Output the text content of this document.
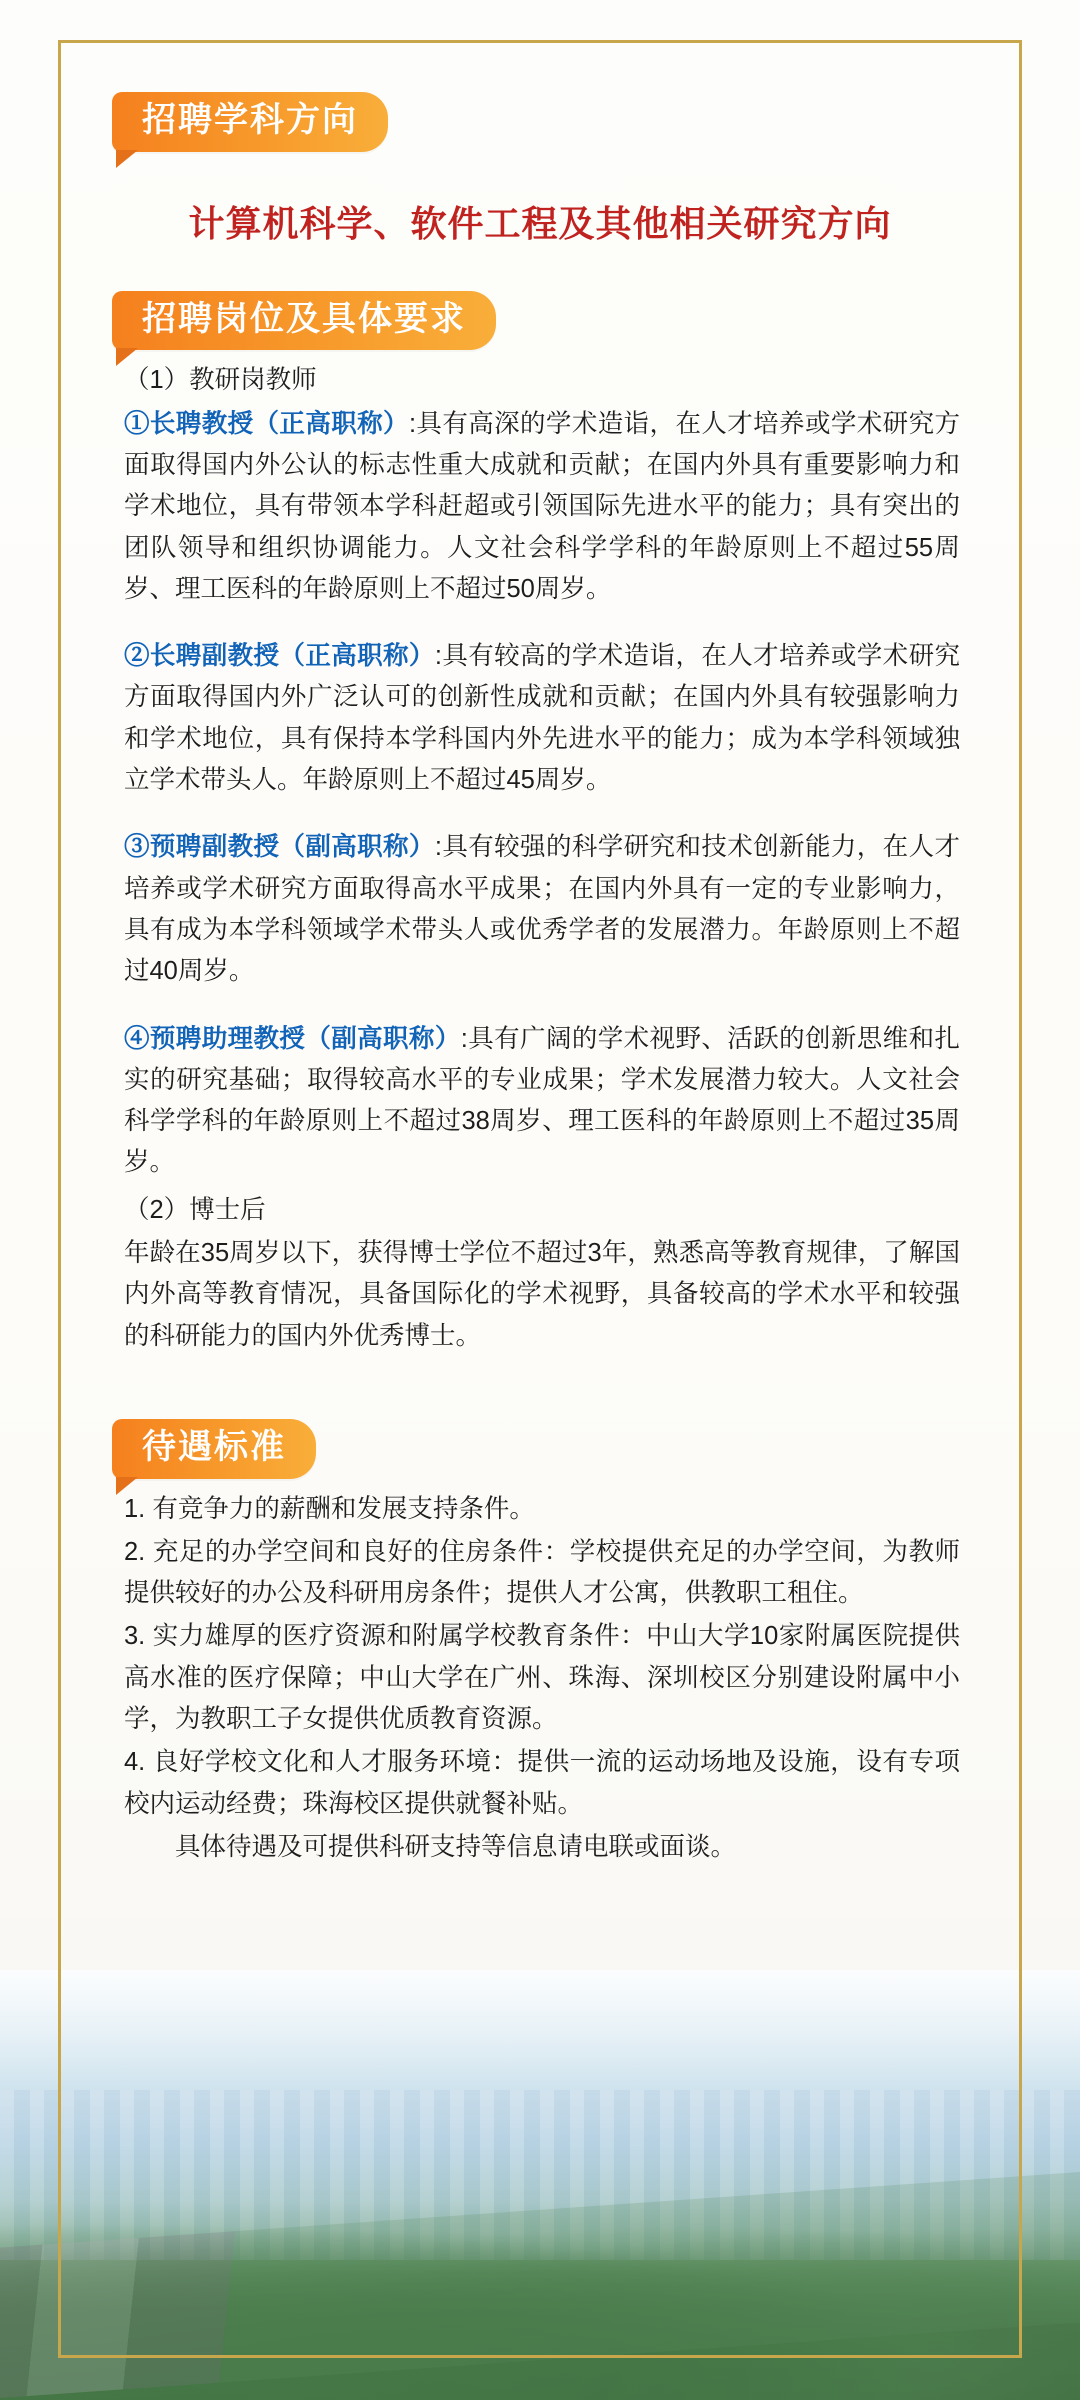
招聘学科方向
计算机科学、软件工程及其他相关研究方向
招聘岗位及具体要求

（1）教研岗教师

①长聘教授（正高职称）:具有高深的学术造诣，在人才培养或学术研究方面取得国内外公认的标志性重大成就和贡献；在国内外具有重要影响力和学术地位，具有带领本学科赶超或引领国际先进水平的能力；具有突出的团队领导和组织协调能力。人文社会科学学科的年龄原则上不超过55周岁、理工医科的年龄原则上不超过50周岁。

②长聘副教授（正高职称）:具有较高的学术造诣，在人才培养或学术研究方面取得国内外广泛认可的创新性成就和贡献；在国内外具有较强影响力和学术地位，具有保持本学科国内外先进水平的能力；成为本学科领域独立学术带头人。年龄原则上不超过45周岁。

③预聘副教授（副高职称）:具有较强的科学研究和技术创新能力，在人才培养或学术研究方面取得高水平成果；在国内外具有一定的专业影响力，具有成为本学科领域学术带头人或优秀学者的发展潜力。年龄原则上不超过40周岁。

④预聘助理教授（副高职称）:具有广阔的学术视野、活跃的创新思维和扎实的研究基础；取得较高水平的专业成果；学术发展潜力较大。人文社会科学学科的年龄原则上不超过38周岁、理工医科的年龄原则上不超过35周岁。

（2）博士后

年龄在35周岁以下，获得博士学位不超过3年，熟悉高等教育规律，了解国内外高等教育情况，具备国际化的学术视野，具备较高的学术水平和较强的科研能力的国内外优秀博士。

待遇标准

1. 有竞争力的薪酬和发展支持条件。

2. 充足的办学空间和良好的住房条件：学校提供充足的办学空间，为教师提供较好的办公及科研用房条件；提供人才公寓，供教职工租住。

3. 实力雄厚的医疗资源和附属学校教育条件：中山大学10家附属医院提供高水准的医疗保障；中山大学在广州、珠海、深圳校区分别建设附属中小学，为教职工子女提供优质教育资源。

4. 良好学校文化和人才服务环境：提供一流的运动场地及设施，设有专项校内运动经费；珠海校区提供就餐补贴。

具体待遇及可提供科研支持等信息请电联或面谈。
